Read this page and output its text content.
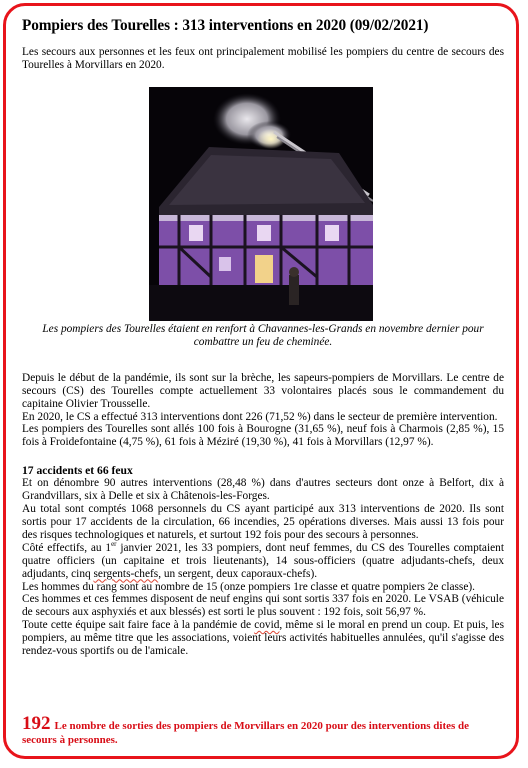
Pompiers des Tourelles : 313 interventions en 2020 (09/02/2021)

Les secours aux personnes et les feux ont principalement mobilisé les pompiers du centre de secours des Tourelles à Morvillars en 2020.

Les pompiers des Tourelles étaient en renfort à Chavannes-les-Grands en novembre dernier pour combattre un feu de cheminée.

Depuis le début de la pandémie, ils sont sur la brèche, les sapeurs-pompiers de Morvillars. Le centre de secours (CS) des Tourelles compte actuellement 33 volontaires placés sous le commandement du capitaine Olivier Trousselle.

En 2020, le CS a effectué 313 interventions dont 226 (71,52 %) dans le secteur de première intervention.

Les pompiers des Tourelles sont allés 100 fois à Bourogne (31,65 %), neuf fois à Charmois (2,85 %), 15 fois à Froidefontaine (4,75 %), 61 fois à Méziré (19,30 %), 41 fois à Morvillars (12,97 %).

17 accidents et 66 feux

Et on dénombre 90 autres interventions (28,48 %) dans d'autres secteurs dont onze à Belfort, dix à Grandvillars, six à Delle et six à Châtenois-les-Forges.

Au total sont comptés 1068 personnels du CS ayant participé aux 313 interventions de 2020. Ils sont sortis pour 17 accidents de la circulation, 66 incendies, 25 opérations diverses. Mais aussi 13 fois pour des risques technologiques et naturels, et surtout 192 fois pour des secours à personnes.

Côté effectifs, au 1er janvier 2021, les 33 pompiers, dont neuf femmes, du CS des Tourelles comptaient quatre officiers (un capitaine et trois lieutenants), 14 sous-officiers (quatre adjudants-chefs, deux adjudants, cinq sergents-chefs, un sergent, deux caporaux-chefs).

Les hommes du rang sont au nombre de 15 (onze pompiers 1re classe et quatre pompiers 2e classe).

Ces hommes et ces femmes disposent de neuf engins qui sont sortis 337 fois en 2020. Le VSAB (véhicule de secours aux asphyxiés et aux blessés) est sorti le plus souvent : 192 fois, soit 56,97 %.

Toute cette équipe sait faire face à la pandémie de covid, même si le moral en prend un coup. Et puis, les pompiers, au même titre que les associations, voient leurs activités habituelles annulées, qu'il s'agisse des rendez-vous sportifs ou de l'amicale.

192 Le nombre de sorties des pompiers de Morvillars en 2020 pour des interventions dites de secours à personnes.
